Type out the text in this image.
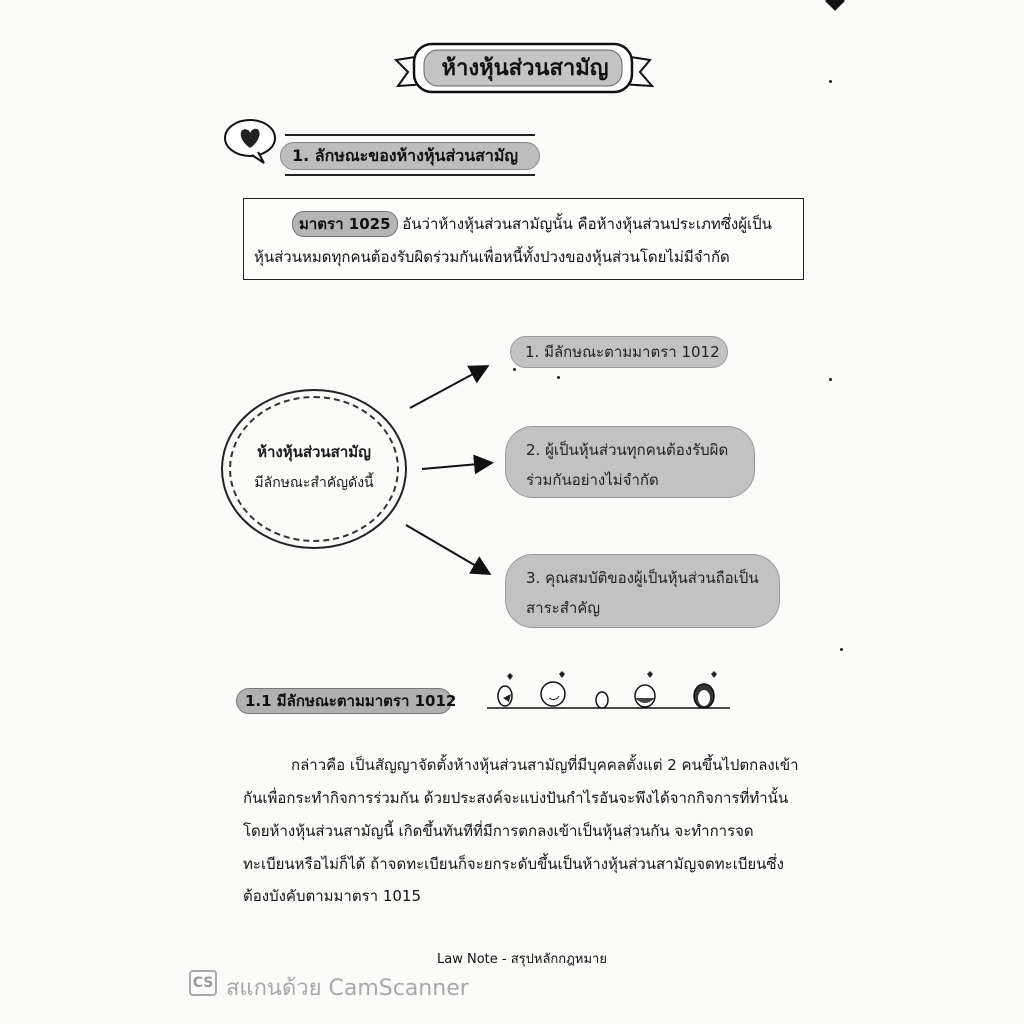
ห้างหุ้นส่วนสามัญ
1. ลักษณะของห้างหุ้นส่วนสามัญ
มาตรา 1025 อันว่าห้างหุ้นส่วนสามัญนั้น คือห้างหุ้นส่วนประเภทซึ่งผู้เป็น
หุ้นส่วนหมดทุกคนต้องรับผิดร่วมกันเพื่อหนี้ทั้งปวงของหุ้นส่วนโดยไม่มีจำกัด
ห้างหุ้นส่วนสามัญ
มีลักษณะสำคัญดังนี้
1. มีลักษณะตามมาตรา 1012
2. ผู้เป็นหุ้นส่วนทุกคนต้องรับผิด
ร่วมกันอย่างไม่จำกัด
3. คุณสมบัติของผู้เป็นหุ้นส่วนถือเป็น
สาระสำคัญ
1.1 มีลักษณะตามมาตรา 1012
กล่าวคือ เป็นสัญญาจัดตั้งห้างหุ้นส่วนสามัญที่มีบุคคลตั้งแต่ 2 คนขึ้นไปตกลงเข้า
กันเพื่อกระทำกิจการร่วมกัน ด้วยประสงค์จะแบ่งปันกำไรอันจะพึงได้จากกิจการที่ทำนั้น
โดยห้างหุ้นส่วนสามัญนี้ เกิดขึ้นทันทีที่มีการตกลงเข้าเป็นหุ้นส่วนกัน จะทำการจด
ทะเบียนหรือไม่ก็ได้ ถ้าจดทะเบียนก็จะยกระดับขึ้นเป็นห้างหุ้นส่วนสามัญจดทะเบียนซึ่ง
ต้องบังคับตามมาตรา 1015
Law Note - สรุปหลักกฎหมาย
CS สแกนด้วย CamScanner
